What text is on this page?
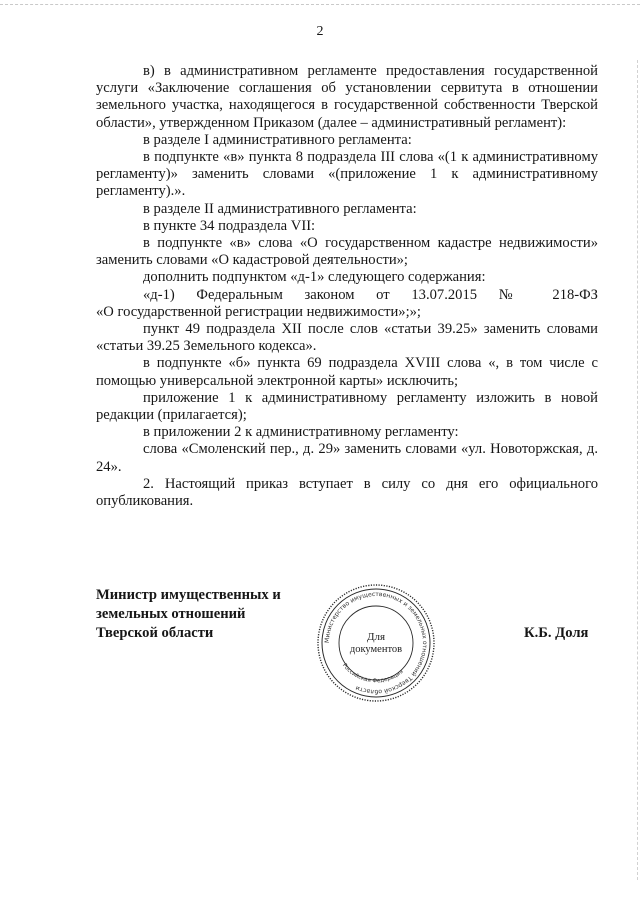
2

в) в административном регламенте предоставления государственной

услуги «Заключение соглашения об установлении сервитута в отношении земельного участка, находящегося в государственной собственности Тверской области», утвержденном Приказом (далее – административный регламент):

в разделе I административного регламента:

в подпункте «в» пункта 8 подраздела III слова «(1 к административному регламенту)» заменить словами «(приложение 1 к административному регламенту).».

в разделе II административного регламента:

в пункте 34 подраздела VII:

в подпункте «в» слова «О государственном кадастре недвижимости» заменить словами «О кадастровой деятельности»;

дополнить подпунктом «д-1» следующего содержания:

«д-1) Федеральным законом от 13.07.2015 № 218-ФЗ

«О государственной регистрации недвижимости»;»;

пункт 49 подраздела XII после слов «статьи 39.25» заменить словами «статьи 39.25 Земельного кодекса».

в подпункте «б» пункта 69 подраздела XVIII слова «, в том числе с помощью универсальной электронной карты» исключить;

приложение 1 к административному регламенту изложить в новой редакции (прилагается);

в приложении 2 к административному регламенту:

слова «Смоленский пер., д. 29» заменить словами «ул. Новоторжская, д. 24».

2. Настоящий приказ вступает в силу со дня его официального опубликования.

Министр имущественных и
земельных отношений
Тверской области	Министерство имущественных и земельных отношений Тверской области
Российская Федерация
Для
документов
К.Б. Доля
